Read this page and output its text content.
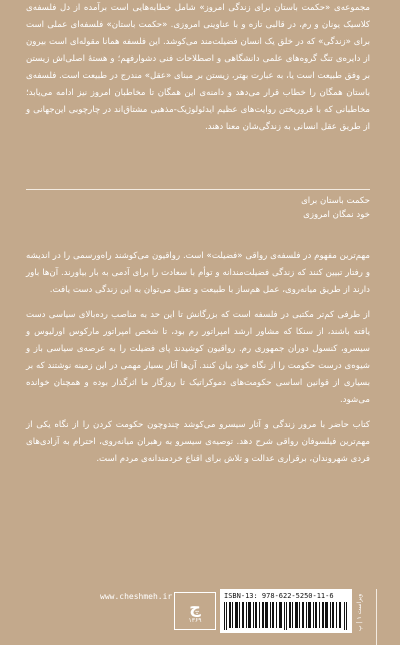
مجموعه‌ی «حکمت باستان برای زندگی امروز» شامل خطابه‌هایی است برآمده از دل فلسفه‌ی کلاسیک یونان و رم، در قالبی تازه و با عناوینی امروزی. «حکمت باستان» فلسفه‌ای عملی است برای «زندگی» که در خلق یک انسان فضیلت‌مند می‌کوشد. این فلسفه همانا مقوله‌ای است بیرون از دایره‌ی تنگ گروه‌های علمی دانشگاهی و اصطلاحات فنی دشوارفهم؛ و هستهٔ اصلی‌اش زیستن بر وفق طبیعت است یا، به عبارت بهتر، زیستن بر مبنای «عقل» مندرج در طبیعت است. فلسفه‌ی باستان همگان را خطاب قرار می‌دهد و دامنه‌ی این همگان تا مخاطبان امروز نیز ادامه می‌یابد؛ مخاطبانی که با فروریختن روایت‌های عظیم ایدئولوژیک-مذهبی مشتاق‌اند در چارچوبی این‌جهانی و از طریق عقل انسانی به زندگی‌شان معنا دهند.
حکمت باستان برای
خود نمگان امروزی

مهم‌ترین مفهوم در فلسفه‌ی رواقی «فضیلت» است. رواقیون می‌کوشند راه‌ورسمی را در اندیشه و رفتار تبیین کنند که زندگی فضیلت‌مندانه و توأم با سعادت را برای آدمی به بار بیاورند. آن‌ها باور دارند از طریق میانه‌روی، عمل هم‌ساز با طبیعت و تعقل می‌توان به این زندگی دست یافت.

از طرفی کم‌تر مکتبی در فلسفه است که بزرگانش تا این حد به مناصب رده‌بالای سیاسی دست یافته باشند، از سنکا که مشاور ارشد امپراتور رم بود، تا شخص امپراتور مارکوس اورلیوس و سیسرو، کنسول دوران جمهوری رم. رواقیون کوشیدند پای فضیلت را به عرصه‌ی سیاسی باز و شیوه‌ی درست حکومت را از نگاه خود بیان کنند. آن‌ها آثار بسیار مهمی در این زمینه نوشتند که بر بسیاری از قوانین اساسی حکومت‌های دموکراتیک تا روزگار ما اثرگذار بوده و همچنان خوانده می‌شود.

کتاب حاضر با مرور زندگی و آثار سیسرو می‌کوشد چندوچون حکومت کردن را از نگاه یکی از مهم‌ترین فیلسوفان رواقی شرح دهد. توصیه‌ی سیسرو به رهبران میانه‌روی، احترام به آزادی‌های فردی شهروندان، برقراری عدالت و تلاش برای اقناع خردمندانه‌ی مردم است.

www.cheshmeh.ir
چ
۱۳۶۹
ISBN-13: 978-622-5250-11-6
ویراست ۱ | پ
